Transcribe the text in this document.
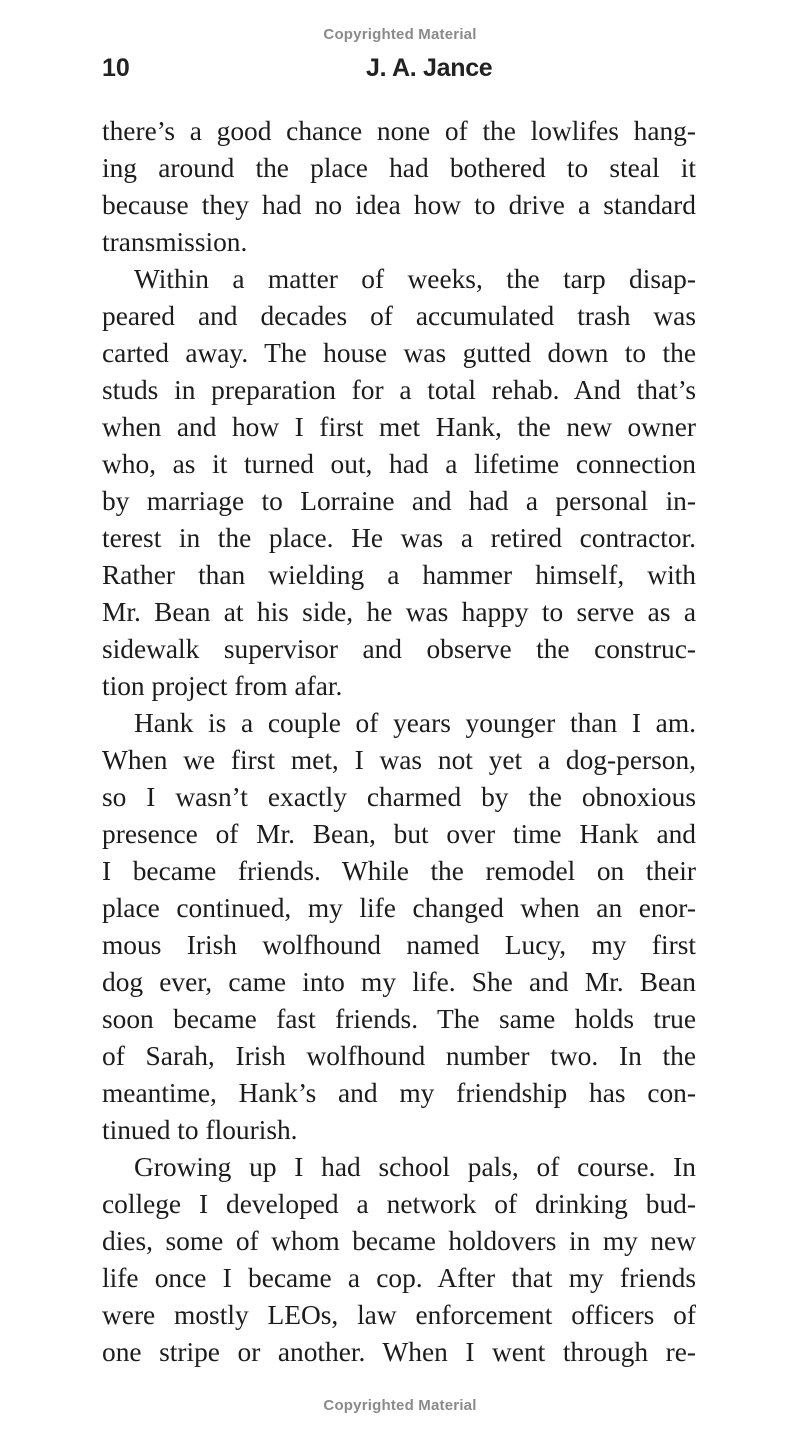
Copyrighted Material
10	J. A. Jance
there’s a good chance none of the lowlifes hang-
ing around the place had bothered to steal it
because they had no idea how to drive a standard
transmission.
Within a matter of weeks, the tarp disap-
peared and decades of accumulated trash was
carted away. The house was gutted down to the
studs in preparation for a total rehab. And that’s
when and how I first met Hank, the new owner
who, as it turned out, had a lifetime connection
by marriage to Lorraine and had a personal in-
terest in the place. He was a retired contractor.
Rather than wielding a hammer himself, with
Mr. Bean at his side, he was happy to serve as a
sidewalk supervisor and observe the construc-
tion project from afar.
Hank is a couple of years younger than I am.
When we first met, I was not yet a dog-person,
so I wasn’t exactly charmed by the obnoxious
presence of Mr. Bean, but over time Hank and
I became friends. While the remodel on their
place continued, my life changed when an enor-
mous Irish wolfhound named Lucy, my first
dog ever, came into my life. She and Mr. Bean
soon became fast friends. The same holds true
of Sarah, Irish wolfhound number two. In the
meantime, Hank’s and my friendship has con-
tinued to flourish.
Growing up I had school pals, of course. In
college I developed a network of drinking bud-
dies, some of whom became holdovers in my new
life once I became a cop. After that my friends
were mostly LEOs, law enforcement officers of
one stripe or another. When I went through re-
Copyrighted Material
